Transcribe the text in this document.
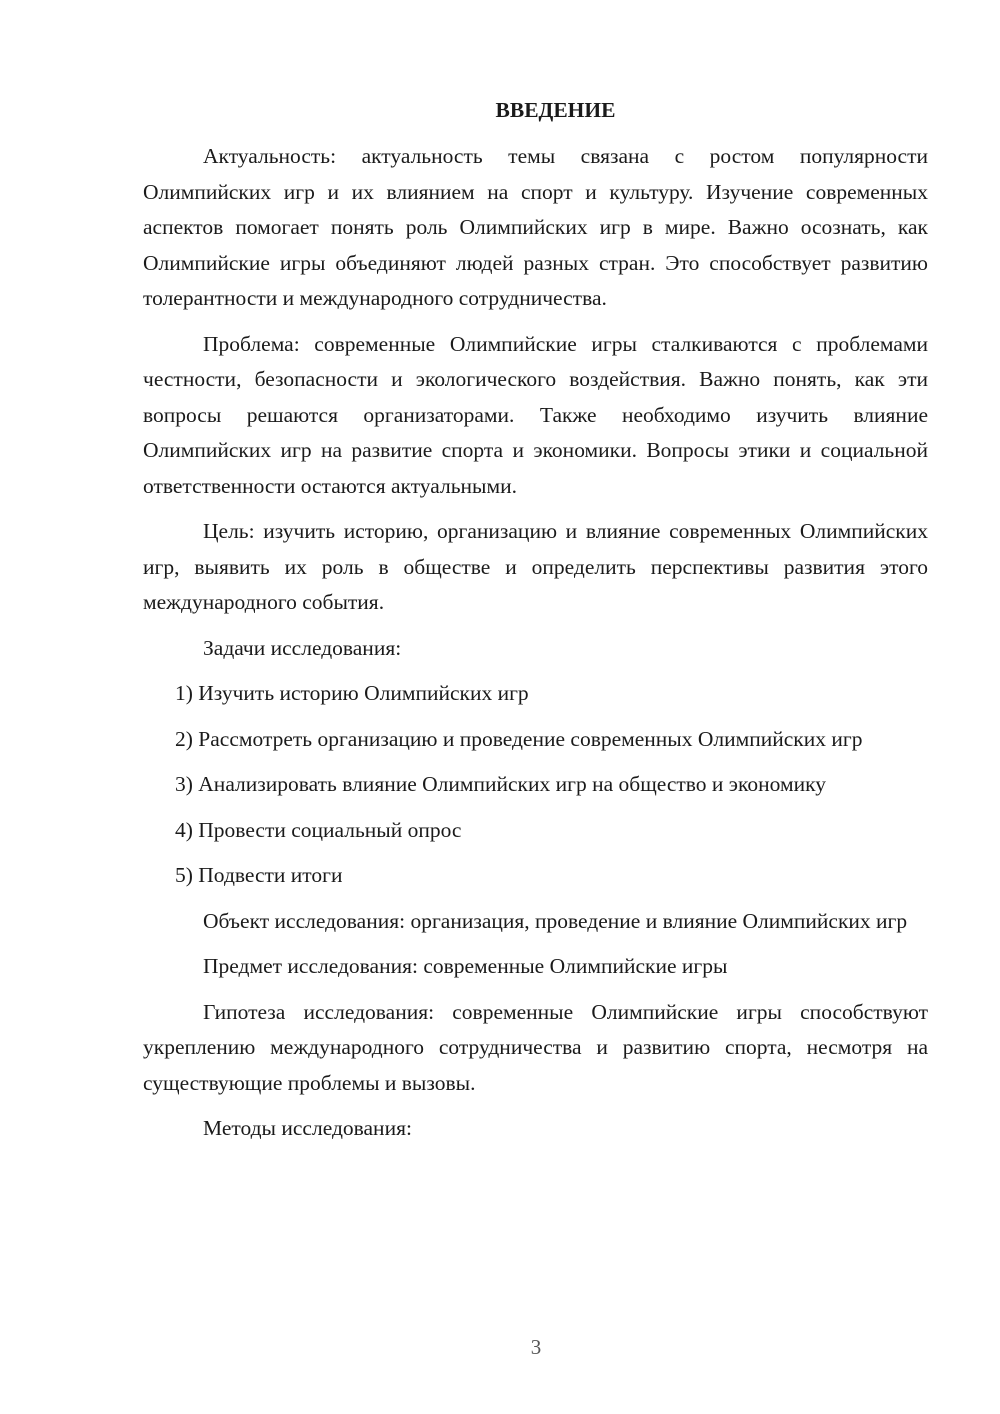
ВВЕДЕНИЕ

Актуальность: актуальность темы связана с ростом популярности Олимпийских игр и их влиянием на спорт и культуру. Изучение современных аспектов помогает понять роль Олимпийских игр в мире. Важно осознать, как Олимпийские игры объединяют людей разных стран. Это способствует развитию толерантности и международного сотрудничества.

Проблема: современные Олимпийские игры сталкиваются с проблемами честности, безопасности и экологического воздействия. Важно понять, как эти вопросы решаются организаторами. Также необходимо изучить влияние Олимпийских игр на развитие спорта и экономики. Вопросы этики и социальной ответственности остаются актуальными.

Цель: изучить историю, организацию и влияние современных Олимпийских игр, выявить их роль в обществе и определить перспективы развития этого международного события.

Задачи исследования:

1) Изучить историю Олимпийских игр

2) Рассмотреть организацию и проведение современных Олимпийских игр

3) Анализировать влияние Олимпийских игр на общество и экономику

4) Провести социальный опрос

5) Подвести итоги

Объект исследования: организация, проведение и влияние Олимпийских игр

Предмет исследования: современные Олимпийские игры

Гипотеза исследования: современные Олимпийские игры способствуют укреплению международного сотрудничества и развитию спорта, несмотря на существующие проблемы и вызовы.

Методы исследования:

3
